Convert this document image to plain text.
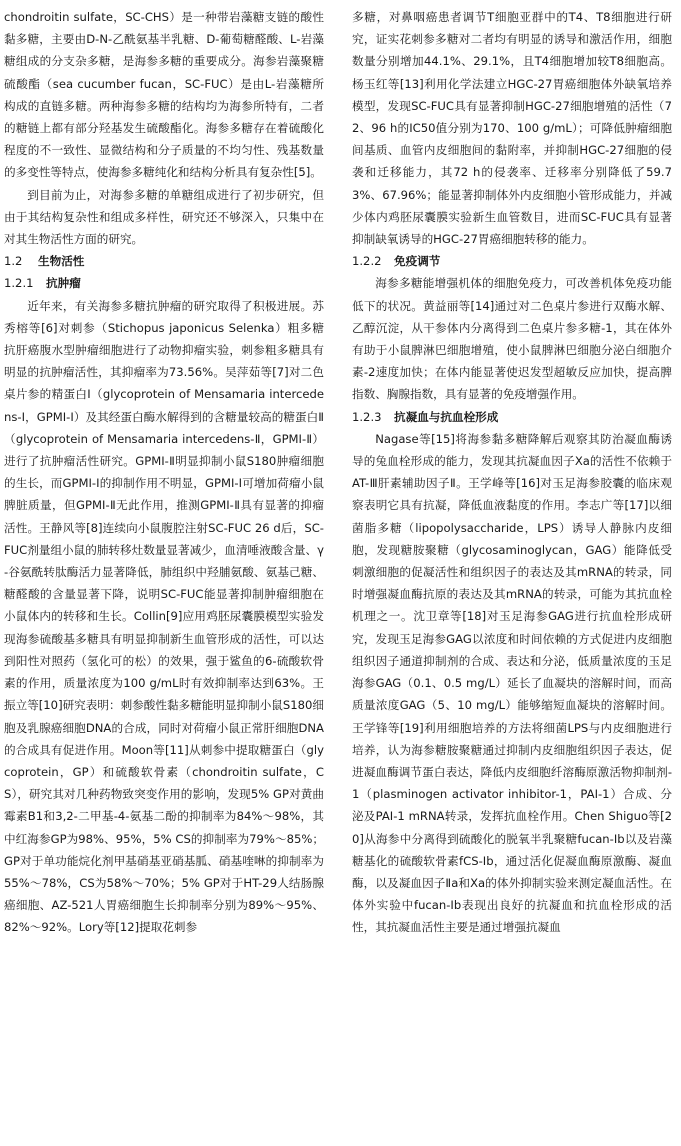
chondroitin sulfate，SC-CHS）是一种带岩藻糖支链的酸性黏多糖，主要由D-N-乙酰氨基半乳糖、D-葡萄糖醛酸、L-岩藻糖组成的分支杂多糖，是海参多糖的重要成分。海参岩藻聚糖硫酸酯（sea cucumber fucan，SC-FUC）是由L-岩藻糖所构成的直链多糖。两种海参多糖的结构均为海参所特有，二者的糖链上都有部分羟基发生硫酸酯化。海参多糖存在着硫酸化程度的不一致性、显微结构和分子质量的不均匀性、残基数量的多变性等特点，使海参多糖纯化和结构分析具有复杂性[5]。

到目前为止，对海参多糖的单糖组成进行了初步研究，但由于其结构复杂性和组成多样性，研究还不够深入，只集中在对其生物活性方面的研究。

1.2 生物活性
1.2.1 抗肿瘤

近年来，有关海参多糖抗肿瘤的研究取得了积极进展。苏秀榕等[6]对刺参（Stichopus japonicus Selenka）粗多糖抗肝癌腹水型肿瘤细胞进行了动物抑瘤实验，刺参粗多糖具有明显的抗肿瘤活性，其抑瘤率为73.56%。吴萍茹等[7]对二色桌片参的精蛋白Ⅰ（glycoprotein of Mensamaria intercedens-Ⅰ，GPMI-Ⅰ）及其经蛋白酶水解得到的含糖量较高的糖蛋白Ⅱ（glycoprotein of Mensamaria intercedens-Ⅱ，GPMI-Ⅱ）进行了抗肿瘤活性研究。GPMI-Ⅱ明显抑制小鼠S180肿瘤细胞的生长，而GPMI-Ⅰ的抑制作用不明显，GPMI-Ⅰ可增加荷瘤小鼠脾脏质量，但GPMI-Ⅱ无此作用，推测GPMI-Ⅱ具有显著的抑瘤活性。王静风等[8]连续向小鼠腹腔注射SC-FUC 26 d后，SC-FUC剂量组小鼠的肺转移灶数量显著减少，血清唾液酸含量、γ-谷氨酰转肽酶活力显著降低，肺组织中羟脯氨酸、氨基己糖、糖醛酸的含量显著下降，说明SC-FUC能显著抑制肿瘤细胞在小鼠体内的转移和生长。Collin[9]应用鸡胚尿囊膜模型实验发现海参硫酸基多糖具有明显抑制新生血管形成的活性，可以达到阳性对照药（氢化可的松）的效果，强于鲨鱼的6-硫酸软骨素的作用，质量浓度为100 g/mL时有效抑制率达到63%。王振立等[10]研究表明：刺参酸性黏多糖能明显抑制小鼠S180细胞及乳腺癌细胞DNA的合成，同时对荷瘤小鼠正常肝细胞DNA的合成具有促进作用。Moon等[11]从刺参中提取糖蛋白（glycoprotein，GP）和硫酸软骨素（chondroitin sulfate，CS），研究其对几种药物致突变作用的影响，发现5% GP对黄曲霉素B1和3,2-二甲基-4-氨基二酚的抑制率为84%～98%，其中红海参GP为98%、95%，5% CS的抑制率为79%～85%；GP对于单功能烷化剂甲基硝基亚硝基胍、硝基喹啉的抑制率为55%～78%，CS为58%～70%；5% GP对于HT-29人结肠腺癌细胞、AZ-521人胃癌细胞生长抑制率分别为89%～95%、82%～92%。Lory等[12]提取花刺参

多糖，对鼻咽癌患者调节T细胞亚群中的T4、T8细胞进行研究，证实花刺参多糖对二者均有明显的诱导和激活作用，细胞数量分别增加44.1%、29.1%，且T4细胞增加较T8细胞高。杨玉红等[13]利用化学法建立HGC-27胃癌细胞体外缺氧培养模型，发现SC-FUC具有显著抑制HGC-27细胞增殖的活性（72、96 h的IC50值分别为170、100 g/mL）；可降低肿瘤细胞间基质、血管内皮细胞间的黏附率，并抑制HGC-27细胞的侵袭和迁移能力，其72 h的侵袭率、迁移率分别降低了59.73%、67.96%；能显著抑制体外内皮细胞小管形成能力，并减少体内鸡胚尿囊膜实验新生血管数目，进而SC-FUC具有显著抑制缺氧诱导的HGC-27胃癌细胞转移的能力。

1.2.2 免疫调节

海参多糖能增强机体的细胞免疫力，可改善机体免疫功能低下的状况。黄益丽等[14]通过对二色桌片参进行双酶水解、乙醇沉淀，从干参体内分离得到二色桌片参多糖-1，其在体外有助于小鼠脾淋巴细胞增殖，使小鼠脾淋巴细胞分泌白细胞介素-2速度加快；在体内能显著使迟发型超敏反应加快，提高脾指数、胸腺指数，具有显著的免疫增强作用。

1.2.3 抗凝血与抗血栓形成

Nagase等[15]将海参黏多糖降解后观察其防治凝血酶诱导的兔血栓形成的能力，发现其抗凝血因子Xa的活性不依赖于AT-Ⅲ肝素辅助因子Ⅱ。王学峰等[16]对玉足海参胶囊的临床观察表明它具有抗凝，降低血液黏度的作用。李志广等[17]以细菌脂多糖（lipopolysaccharide，LPS）诱导人静脉内皮细胞，发现糖胺聚糖（glycosaminoglycan，GAG）能降低受刺激细胞的促凝活性和组织因子的表达及其mRNA的转录，同时增强凝血酶抗原的表达及其mRNA的转录，可能为其抗血栓机理之一。沈卫章等[18]对玉足海参GAG进行抗血栓形成研究，发现玉足海参GAG以浓度和时间依赖的方式促进内皮细胞组织因子通道抑制剂的合成、表达和分泌，低质量浓度的玉足海参GAG（0.1、0.5 mg/L）延长了血凝块的溶解时间，而高质量浓度GAG（5、10 mg/L）能够缩短血凝块的溶解时间。王学锋等[19]利用细胞培养的方法将细菌LPS与内皮细胞进行培养，认为海参糖胺聚糖通过抑制内皮细胞组织因子表达，促进凝血酶调节蛋白表达，降低内皮细胞纤溶酶原激活物抑制剂-1（plasminogen activator inhibitor-1，PAI-1）合成、分泌及PAI-1 mRNA转录，发挥抗血栓作用。Chen Shiguo等[20]从海参中分离得到硫酸化的脱氧半乳聚糖fucan-Ib以及岩藻糖基化的硫酸软骨素fCS-Ib，通过活化促凝血酶原激酶、凝血酶，以及凝血因子Ⅱa和Xa的体外抑制实验来测定凝血活性。在体外实验中fucan-Ib表现出良好的抗凝血和抗血栓形成的活性，其抗凝血活性主要是通过增强抗凝血
